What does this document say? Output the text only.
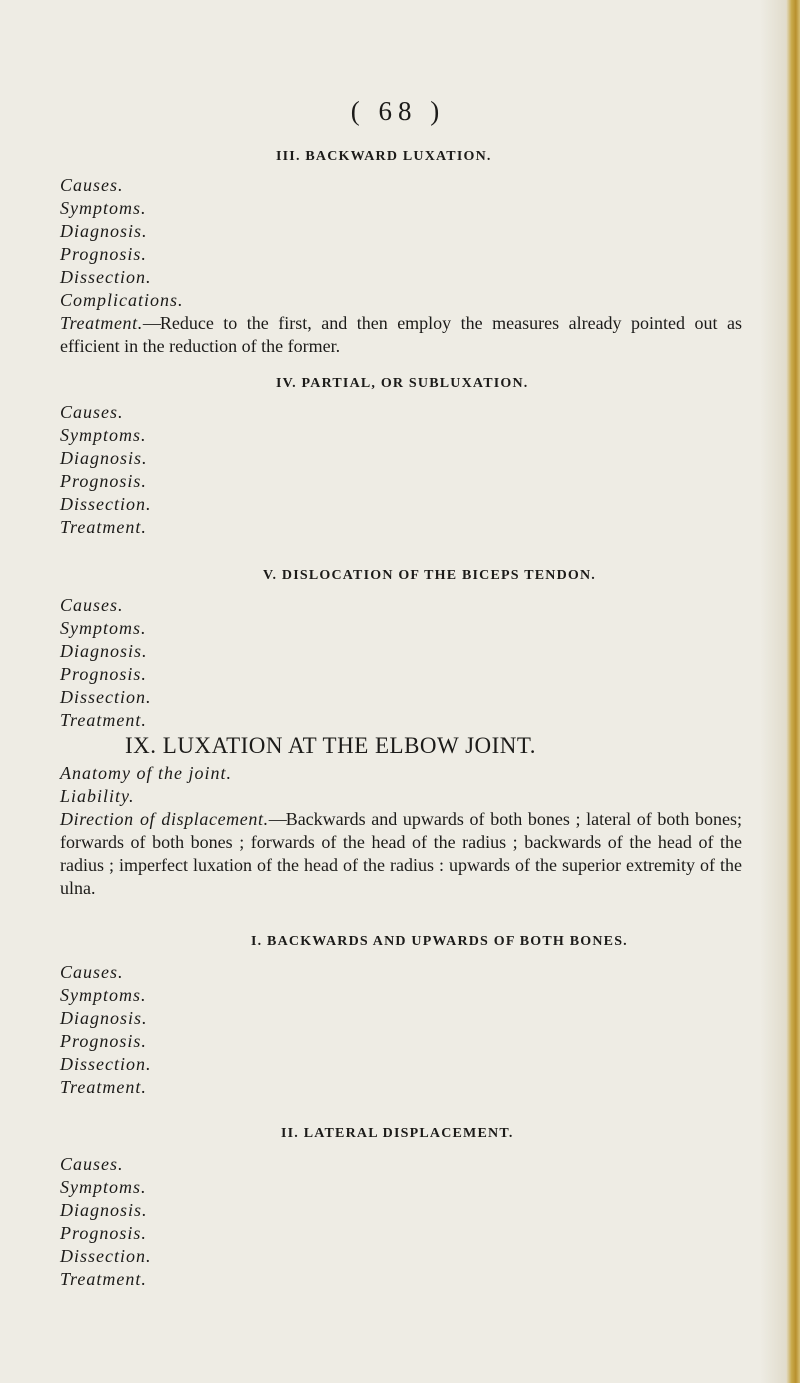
( 68 )
III. BACKWARD LUXATION.
Causes.
Symptoms.
Diagnosis.
Prognosis.
Dissection.
Complications.

Treatment.—Reduce to the first, and then employ the measures already pointed out as efficient in the reduction of the former.

IV. PARTIAL, OR SUBLUXATION.
Causes.
Symptoms.
Diagnosis.
Prognosis.
Dissection.
Treatment.
V. DISLOCATION OF THE BICEPS TENDON.
Causes.
Symptoms.
Diagnosis.
Prognosis.
Dissection.
Treatment.
IX. LUXATION AT THE ELBOW JOINT.
Anatomy of the joint.
Liability.

Direction of displacement.—Backwards and upwards of both bones ; lateral of both bones; forwards of both bones ; forwards of the head of the radius ; backwards of the head of the radius ; imperfect luxation of the head of the radius : upwards of the superior extremity of the ulna.

I. BACKWARDS AND UPWARDS OF BOTH BONES.
Causes.
Symptoms.
Diagnosis.
Prognosis.
Dissection.
Treatment.
II. LATERAL DISPLACEMENT.
Causes.
Symptoms.
Diagnosis.
Prognosis.
Dissection.
Treatment.
